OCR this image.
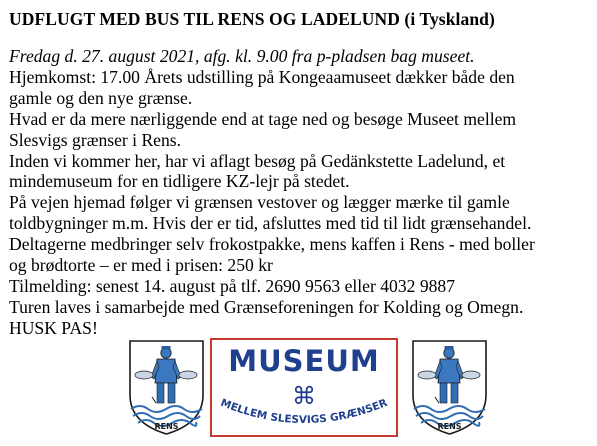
UDFLUGT MED BUS TIL RENS OG LADELUND (i Tyskland)
Fredag d. 27. august 2021, afg. kl. 9.00 fra p-pladsen bag museet.
Hjemkomst: 17.00 Årets udstilling på Kongeaamuseet dækker både den
gamle og den nye grænse.
Hvad er da mere nærliggende end at tage ned og besøge Museet mellem
Slesvigs grænser i Rens.
Inden vi kommer her, har vi aflagt besøg på Gedänkstette Ladelund, et
mindemuseum for en tidligere KZ-lejr på stedet.
På vejen hjemad følger vi grænsen vestover og lægger mærke til gamle
toldbygninger m.m. Hvis der er tid, afsluttes med tid til lidt grænsehandel.
Deltagerne medbringer selv frokostpakke, mens kaffen i Rens - med boller
og brødtorte – er med i prisen: 250 kr
Tilmelding: senest 14. august på tlf. 2690 9563 eller 4032 9887
Turen laves i samarbejde med Grænseforeningen for Kolding og Omegn.
HUSK PAS!
RENS
MUSEUM
⌘
MELLEM SLESVIGS GRÆNSER
RENS
